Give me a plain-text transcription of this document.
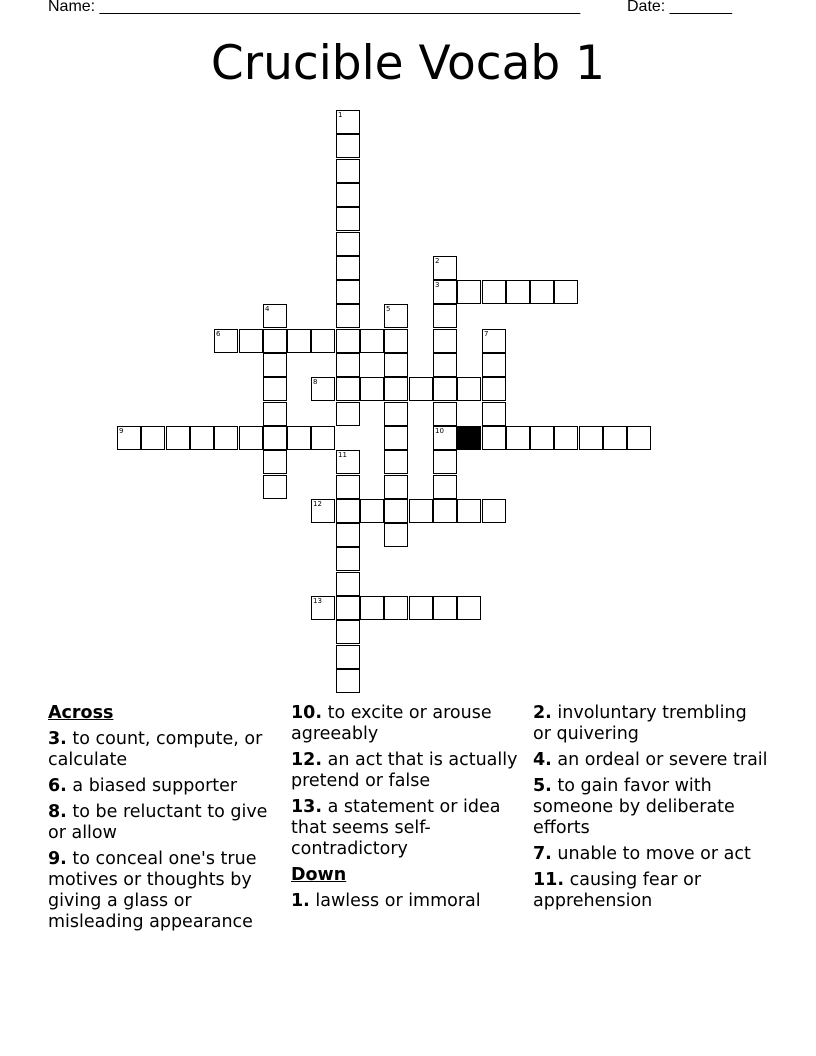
Name: ______________________________________________________	Date: _______
Crucible Vocab 1
1
2
3
10
4	5
6	7
8
9
11
12
13
Across
3. to count, compute, or calculate
6. a biased supporter
8. to be reluctant to give or allow
9. to conceal one's true motives or thoughts by giving a glass or misleading appearance
10. to excite or arouse agreeably
12. an act that is actually pretend or false
13. a statement or idea that seems self-contradictory
Down
1. lawless or immoral
2. involuntary trembling or quivering
4. an ordeal or severe trail
5. to gain favor with someone by deliberate efforts
7. unable to move or act
11. causing fear or apprehension
